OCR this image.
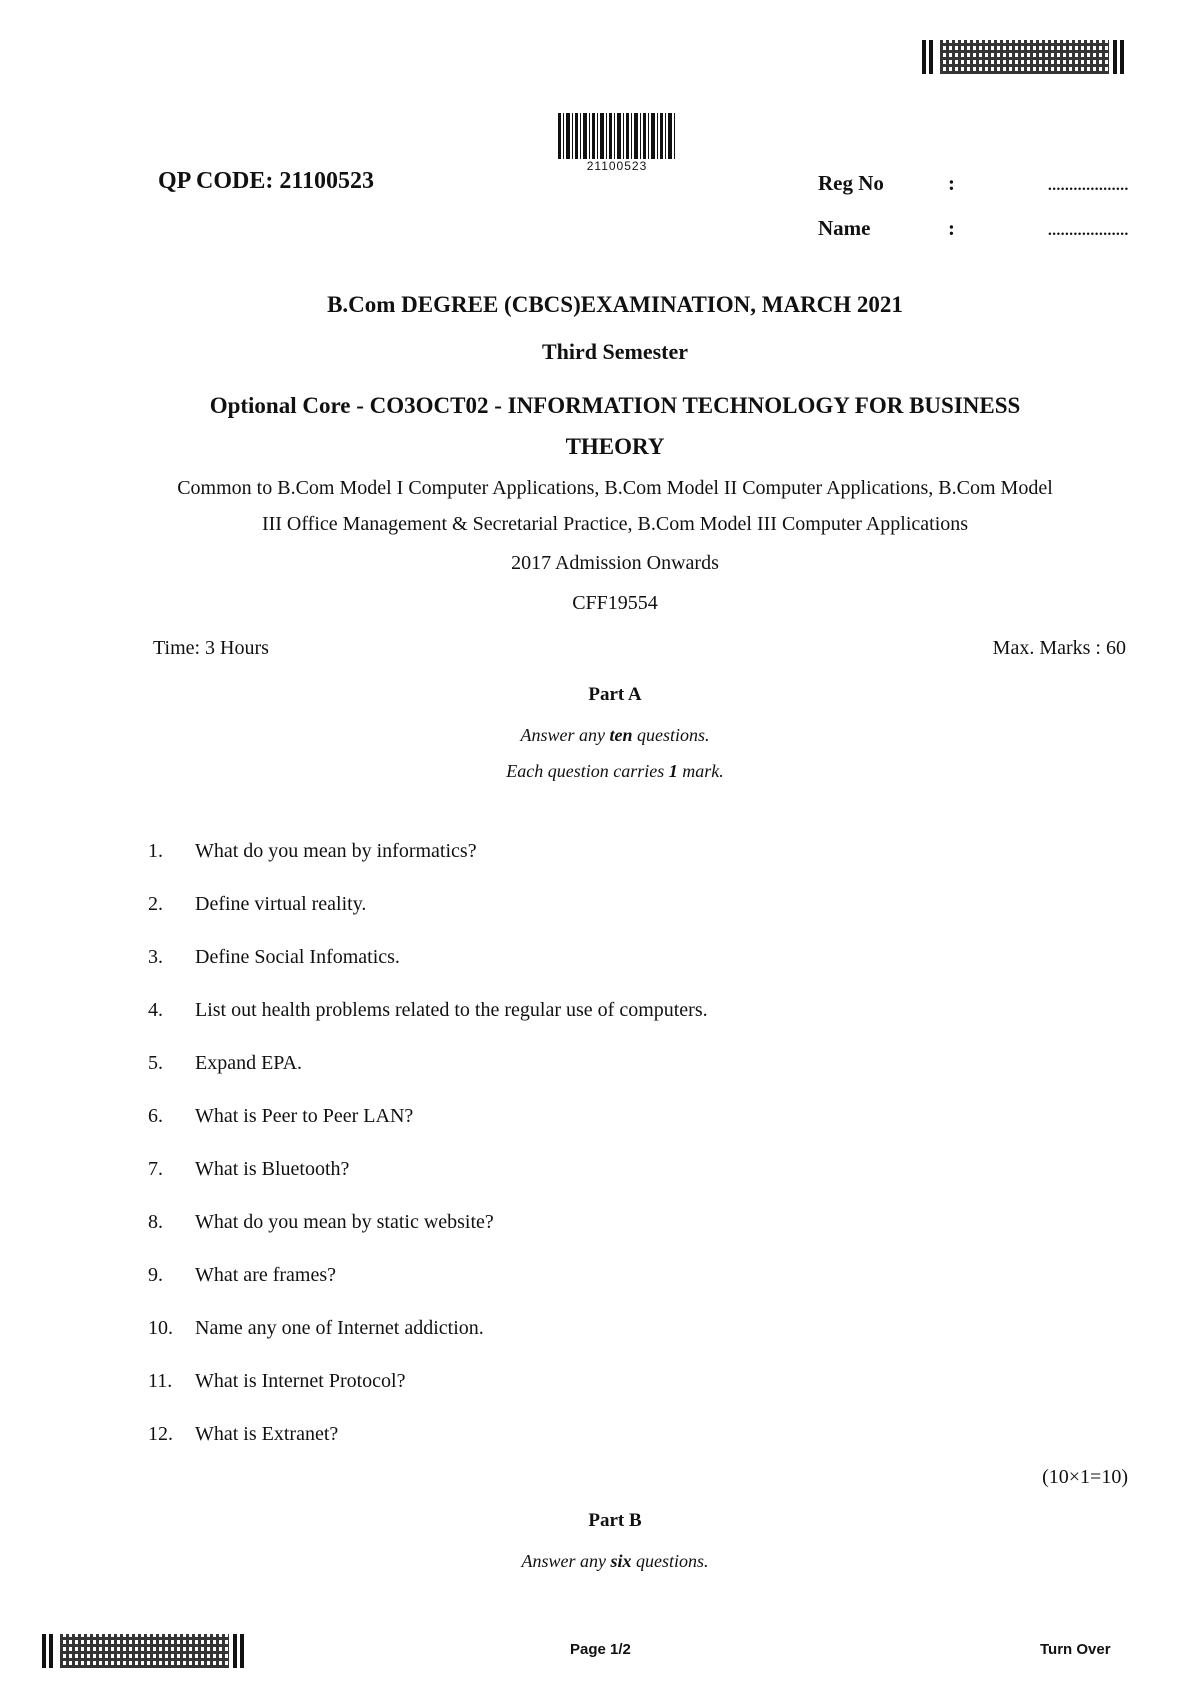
21100523
QP CODE: 21100523	Reg No	:	...................
Name	:	...................
B.Com DEGREE (CBCS)EXAMINATION, MARCH 2021
Third Semester
Optional Core - CO3OCT02 - INFORMATION TECHNOLOGY FOR BUSINESS
THEORY
Common to B.Com Model I Computer Applications, B.Com Model II Computer Applications, B.Com Model
III Office Management & Secretarial Practice, B.Com Model III Computer Applications
2017 Admission Onwards
CFF19554
Time: 3 Hours	Max. Marks : 60
Part A
Answer any ten questions.
Each question carries 1 mark.
1.	What do you mean by informatics?
2.	Define virtual reality.
3.	Define Social Infomatics.
4.	List out health problems related to the regular use of computers.
5.	Expand EPA.
6.	What is Peer to Peer LAN?
7.	What is Bluetooth?
8.	What do you mean by static website?
9.	What are frames?
10.	Name any one of Internet addiction.
11.	What is Internet Protocol?
12.	What is Extranet?
(10×1=10)
Part B
Answer any six questions.
Page 1/2	Turn Over
